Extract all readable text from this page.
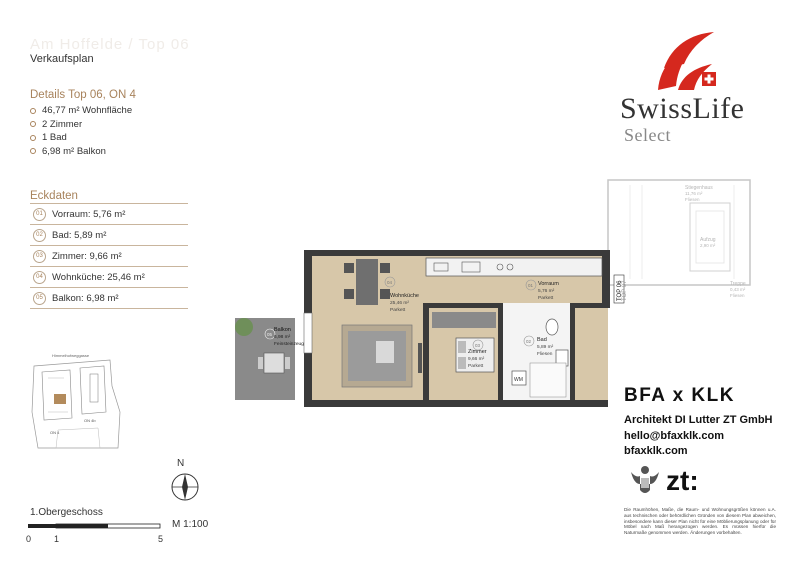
Am Hoffelde / Top 06
Verkaufsplan
Details Top 06, ON 4
46,77 m² Wohnfläche
2 Zimmer
1 Bad
6,98 m² Balkon
Eckdaten
01 Vorraum: 5,76 m²
02 Bad: 5,89 m²
03 Zimmer: 9,66 m²
04 Wohnküche: 25,46 m²
05 Balkon: 6,98 m²
SwissLife
Select
BFA x KLK
Architekt DI Lutter ZT GmbH
hello@bfaxklk.com
bfaxklk.com
zt:
Die Raumhöhen, Maße, die Raum- und Wohnungsgrößen können u.A. aus technischen oder behördlichen Gründen von diesem Plan abweichen, insbesondere kann dieser Plan nicht für eine Möblierungsplanung oder für Möbel nach Maß herangezogen werden. Es müssen hierfür die Naturmaße genommen werden. Änderungen vorbehalten.
Himmelhofweggasse
ON 4
ON 4b
N
1.Obergeschoss
M 1:100
0	1	5
Stiegenhaus
11,76 m²
Fliesen
Aufzug
2,90 m²
Treppe
0,43 m²
Fliesen
WM
04
Wohnküche
25,46 m²
Parkett
01 Vorraum
5,76 m²
Parkett
03
Zimmer
9,66 m²
Parkett
02 Bad
5,89 m²
Fliesen
05
Balkon
6,98 m²
Feinsteinzeug
TOP 06 TOP 07
